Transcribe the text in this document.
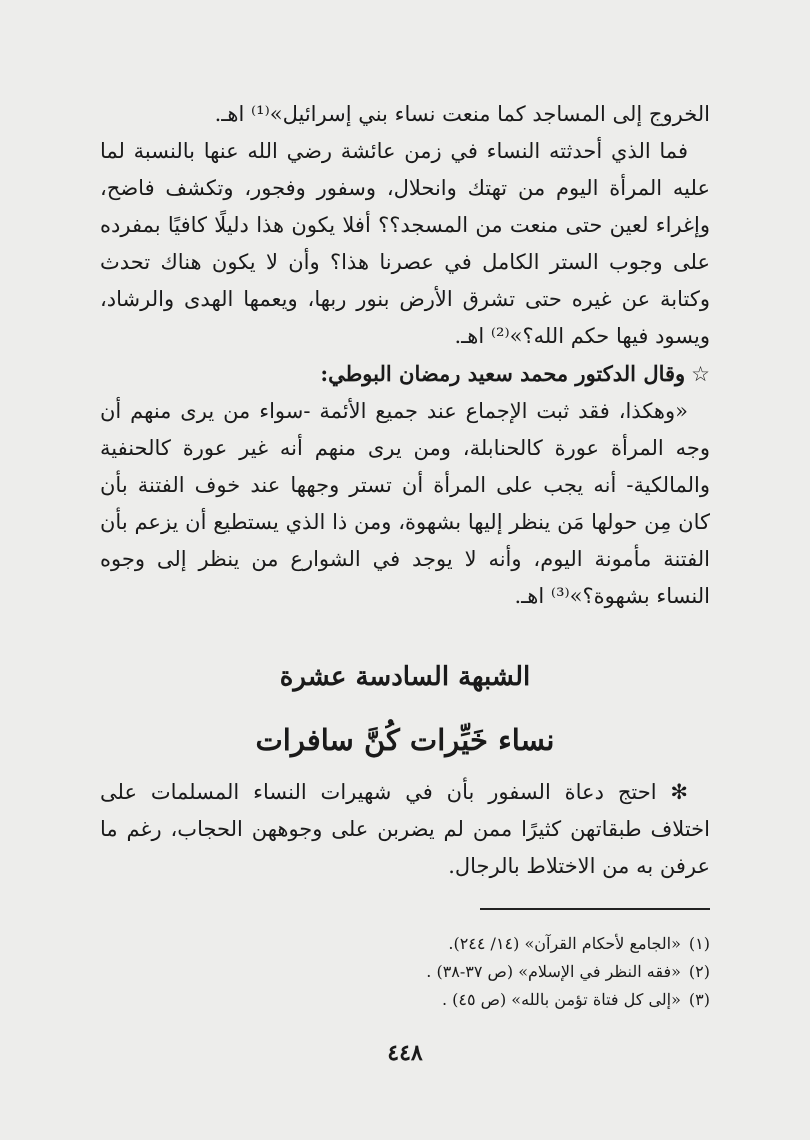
الخروج إلى المساجد كما منعت نساء بني إسرائيل»⁽¹⁾ اهـ.

فما الذي أحدثته النساء في زمن عائشة رضي الله عنها بالنسبة لما عليه المرأة اليوم من تهتك وانحلال، وسفور وفجور، وتكشف فاضح، وإغراء لعين حتى منعت من المسجد؟؟ أفلا يكون هذا دليلًا كافيًا بمفرده على وجوب الستر الكامل في عصرنا هذا؟ وأن لا يكون هناك تحدث وكتابة عن غيره حتى تشرق الأرض بنور ربها، ويعمها الهدى والرشاد، ويسود فيها حكم الله؟»⁽²⁾ اهـ.

☆وقال الدكتور محمد سعيد رمضان البوطي:

«وهكذا، فقد ثبت الإجماع عند جميع الأئمة -سواء من يرى منهم أن وجه المرأة عورة كالحنابلة، ومن يرى منهم أنه غير عورة كالحنفية والمالكية- أنه يجب على المرأة أن تستر وجهها عند خوف الفتنة بأن كان مِن حولها مَن ينظر إليها بشهوة، ومن ذا الذي يستطيع أن يزعم بأن الفتنة مأمونة اليوم، وأنه لا يوجد في الشوارع من ينظر إلى وجوه النساء بشهوة؟»⁽³⁾ اهـ.

الشبهة السادسة عشرة
نساء خَيِّرات كُنَّ سافرات

✻ احتج دعاة السفور بأن في شهيرات النساء المسلمات على اختلاف طبقاتهن كثيرًا ممن لم يضربن على وجوههن الحجاب، رغم ما عرفن به من الاختلاط بالرجال.

(١)«الجامع لأحكام القرآن» (١٤/ ٢٤٤).

(٢)«فقه النظر في الإسلام» (ص ٣٧-٣٨) .

(٣)«إلى كل فتاة تؤمن بالله» (ص ٤٥) .

٤٤٨
